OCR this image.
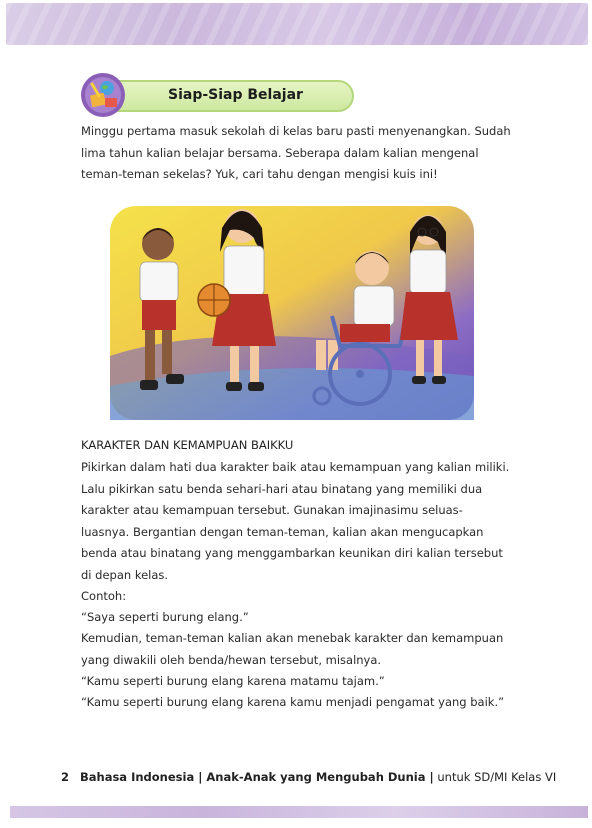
Siap-Siap Belajar

Minggu pertama masuk sekolah di kelas baru pasti menyenangkan. Sudah lima tahun kalian belajar bersama. Seberapa dalam kalian mengenal teman-teman sekelas? Yuk, cari tahu dengan mengisi kuis ini!

KARAKTER DAN KEMAMPUAN BAIKKU

Pikirkan dalam hati dua karakter baik atau kemampuan yang kalian miliki. Lalu pikirkan satu benda sehari-hari atau binatang yang memiliki dua karakter atau kemampuan tersebut. Gunakan imajinasimu seluas-luasnya. Bergantian dengan teman-teman, kalian akan mengucapkan benda atau binatang yang menggambarkan keunikan diri kalian tersebut di depan kelas.

Contoh:
“Saya seperti burung elang.”

Kemudian, teman-teman kalian akan menebak karakter dan kemampuan yang diwakili oleh benda/hewan tersebut, misalnya.

“Kamu seperti burung elang karena matamu tajam.”
“Kamu seperti burung elang karena kamu menjadi pengamat yang baik.”
2 Bahasa Indonesia | Anak-Anak yang Mengubah Dunia | untuk SD/MI Kelas VI
